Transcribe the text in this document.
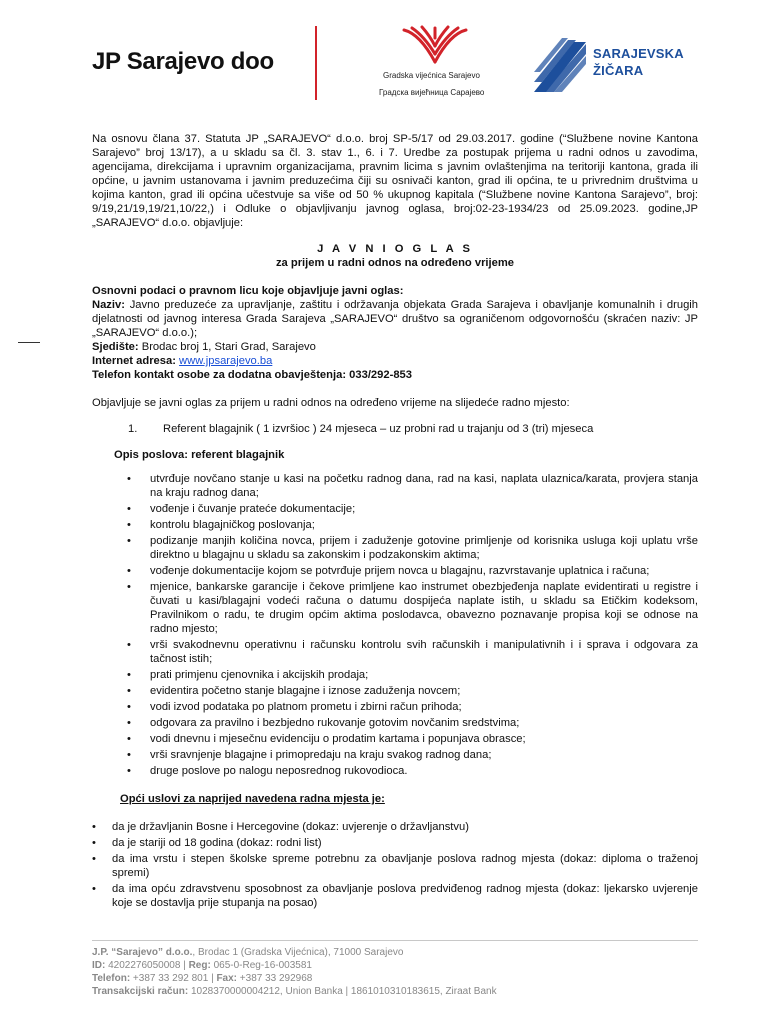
JP Sarajevo doo
Gradska vijećnica Sarajevo
Градска вијећница Сарајево
SARAJEVSKA
ŽIČARA

Na osnovu člana 37. Statuta JP „SARAJEVO“ d.o.o. broj SP-5/17 od 29.03.2017. godine (“Službene novine Kantona Sarajevo” broj 13/17), a u skladu sa čl. 3. stav 1., 6. i 7. Uredbe za postupak prijema u radni odnos u zavodima, agencijama, direkcijama i upravnim organizacijama, pravnim licima s javnim ovlaštenjima na teritoriji kantona, grada ili općine, u javnim ustanovama i javnim preduzećima čiji su osnivači kanton, grad ili općina, te u privrednim društvima u kojima kanton, grad ili općina učestvuje sa više od 50 % ukupnog kapitala (“Službene novine Kantona Sarajevo”, broj: 9/19,21/19,19/21,10/22,) i Odluke o objavljivanju javnog oglasa, broj:02-23-1934/23 od 25.09.2023. godine,JP „SARAJEVO“ d.o.o. objavljuje:

J A V N I O G L A S
za prijem u radni odnos na određeno vrijeme
Osnovni podaci o pravnom licu koje objavljuje javni oglas:
Naziv: Javno preduzeće za upravljanje, zaštitu i održavanja objekata Grada Sarajeva i obavljanje komunalnih i drugih djelatnosti od javnog interesa Grada Sarajeva „SARAJEVO“ društvo sa ograničenom odgovornošću (skraćen naziv: JP „SARAJEVO“ d.o.o.);
Sjedište: Brodac broj 1, Stari Grad, Sarajevo
Internet adresa: www.jpsarajevo.ba
Telefon kontakt osobe za dodatna obavještenja: 033/292-853

Objavljuje se javni oglas za prijem u radni odnos na određeno vrijeme na slijedeće radno mjesto:

1.	Referent blagajnik ( 1 izvršioc ) 24 mjeseca – uz probni rad u trajanju od 3 (tri) mjeseca
Opis poslova: referent blagajnik
• utvrđuje novčano stanje u kasi na početku radnog dana, rad na kasi, naplata ulaznica/karata, provjera stanja na kraju radnog dana;
• vođenje i čuvanje prateće dokumentacije;
• kontrolu blagajničkog poslovanja;
• podizanje manjih količina novca, prijem i zaduženje gotovine primljenje od korisnika usluga koji uplatu vrše direktno u blagajnu u skladu sa zakonskim i podzakonskim aktima;
• vođenje dokumentacije kojom se potvrđuje prijem novca u blagajnu, razvrstavanje uplatnica i računa;
• mjenice, bankarske garancije i čekove primljene kao instrumet obezbjeđenja naplate evidentirati u registre i čuvati u kasi/blagajni vodeći računa o datumu dospijeća naplate istih, u skladu sa Etičkim kodeksom, Pravilnikom o radu, te drugim općim aktima poslodavca, obavezno poznavanje propisa koji se odnose na radno mjesto;
• vrši svakodnevnu operativnu i računsku kontrolu svih računskih i manipulativnih i i sprava i odgovara za tačnost istih;
• prati primjenu cjenovnika i akcijskih prodaja;
• evidentira početno stanje blagajne i iznose zaduženja novcem;
• vodi izvod podataka po platnom prometu i zbirni račun prihoda;
• odgovara za pravilno i bezbjedno rukovanje gotovim novčanim sredstvima;
• vodi dnevnu i mjesečnu evidenciju o prodatim kartama i popunjava obrasce;
• vrši sravnjenje blagajne i primopredaju na kraju svakog radnog dana;
• druge poslove po nalogu neposrednog rukovodioca.
Opći uslovi za naprijed navedena radna mjesta je:
• da je državljanin Bosne i Hercegovine (dokaz: uvjerenje o državljanstvu)
• da je stariji od 18 godina (dokaz: rodni list)
• da ima vrstu i stepen školske spreme potrebnu za obavljanje poslova radnog mjesta (dokaz: diploma o traženoj spremi)
• da ima opću zdravstvenu sposobnost za obavljanje poslova predviđenog radnog mjesta (dokaz: ljekarsko uvjerenje koje se dostavlja prije stupanja na posao)
J.P. “Sarajevo” d.o.o., Brodac 1 (Gradska Vijećnica), 71000 Sarajevo
ID: 4202276050008 | Reg: 065-0-Reg-16-003581
Telefon: +387 33 292 801 | Fax: +387 33 292968
Transakcijski račun: 1028370000004212, Union Banka | 1861010310183615, Ziraat Bank
